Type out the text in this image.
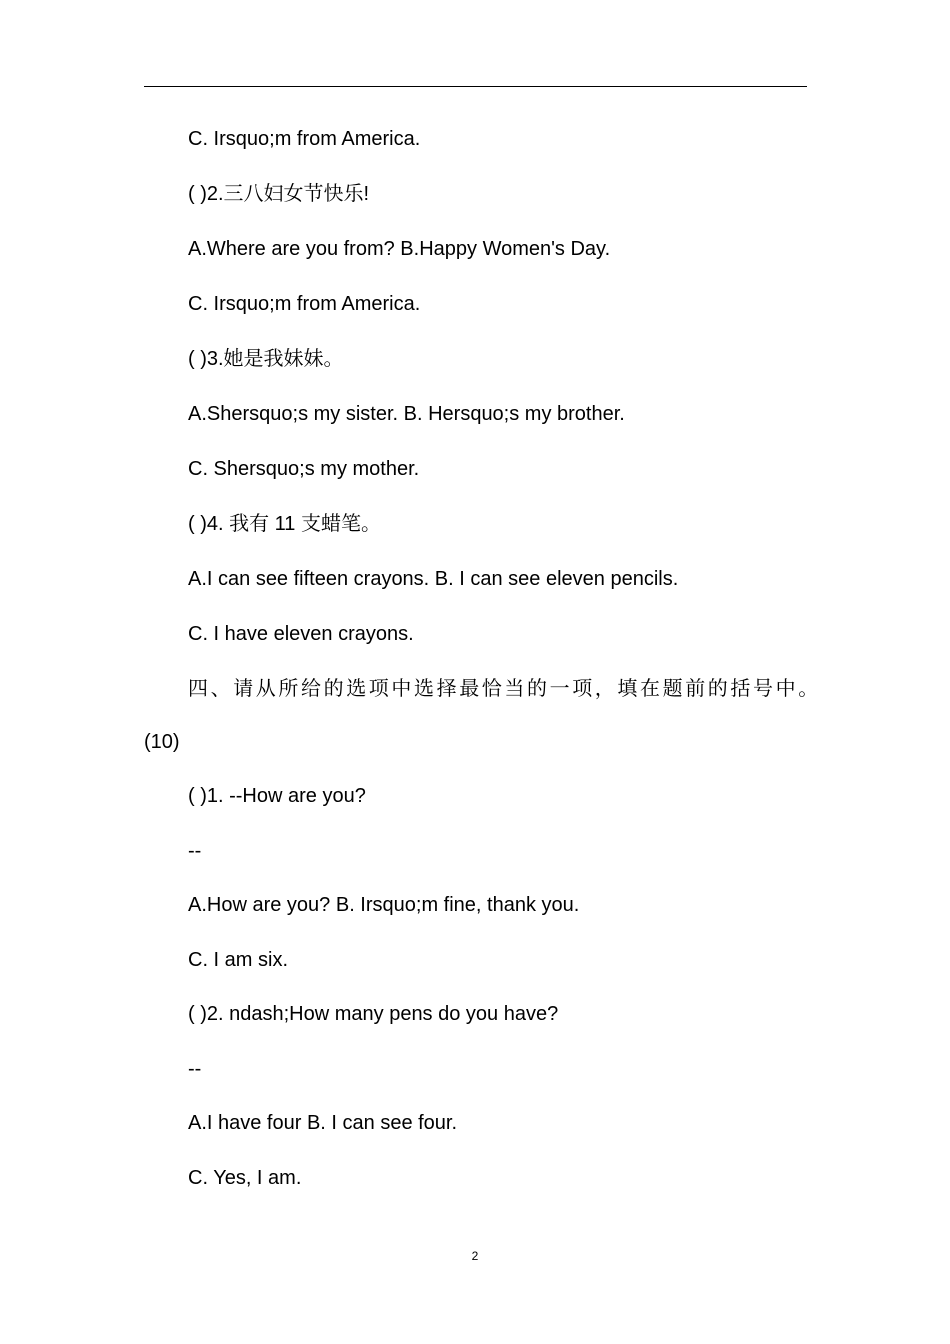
C. Irsquo;m from America.
( )2.三八妇女节快乐!
A.Where are you from? B.Happy Women's Day.
C. Irsquo;m from America.
( )3.她是我妹妹。
A.Shersquo;s my sister. B. Hersquo;s my brother.
C. Shersquo;s my mother.
( )4. 我有 11 支蜡笔。
A.I can see fifteen crayons. B. I can see eleven pencils.
C. I have eleven crayons.
四、请从所给的选项中选择最恰当的一项，填在题前的括号中。
(10)
( )1. --How are you?
--
A.How are you? B. Irsquo;m fine, thank you.
C. I am six.
( )2. ndash;How many pens do you have?
--
A.I have four B. I can see four.
C. Yes, I am.
2
